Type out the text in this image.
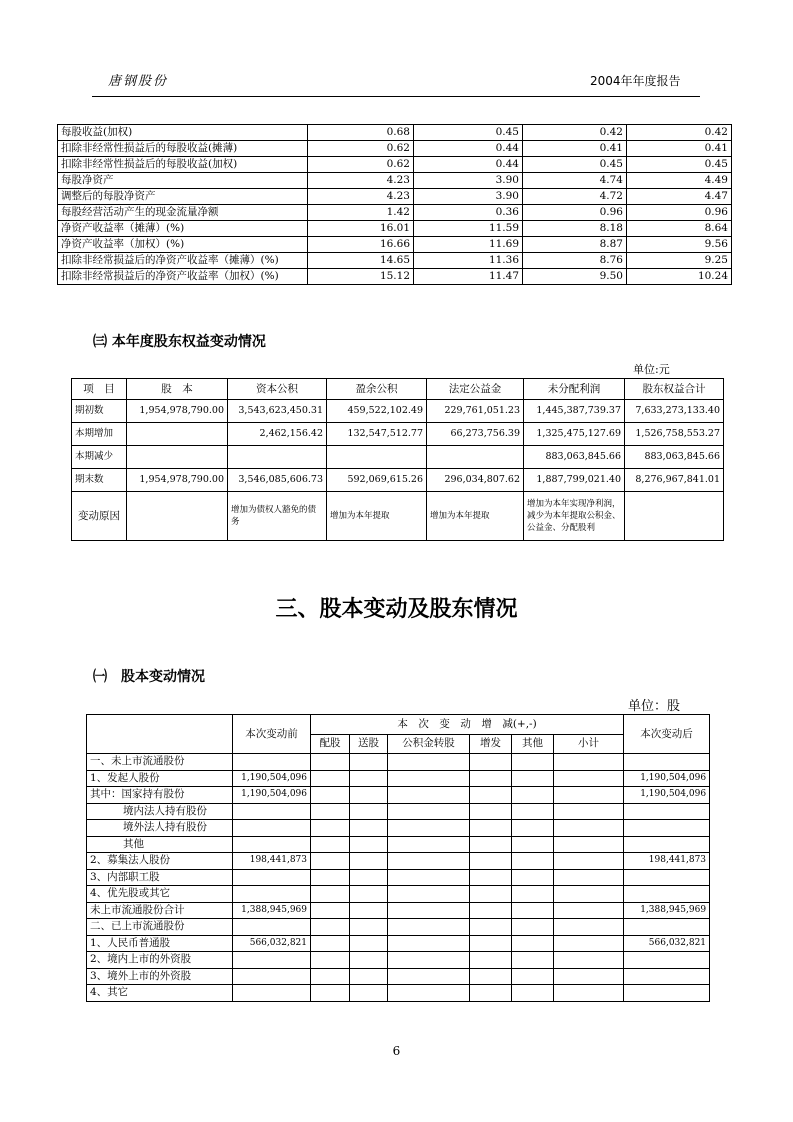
唐钢股份	2004年年度报告
每股收益(加权)	0.68	0.45	0.42	0.42
扣除非经常性损益后的每股收益(摊薄)	0.62	0.44	0.41	0.41
扣除非经常性损益后的每股收益(加权)	0.62	0.44	0.45	0.45
每股净资产	4.23	3.90	4.74	4.49
调整后的每股净资产	4.23	3.90	4.72	4.47
每股经营活动产生的现金流量净额	1.42	0.36	0.96	0.96
净资产收益率（摊薄）(%)	16.01	11.59	8.18	8.64
净资产收益率（加权）(%)	16.66	11.69	8.87	9.56
扣除非经常损益后的净资产收益率（摊薄）(%)	14.65	11.36	8.76	9.25
扣除非经常损益后的净资产收益率（加权）(%)	15.12	11.47	9.50	10.24
㈢ 本年度股东权益变动情况
单位:元
项　目	股　本	资本公积	盈余公积	法定公益金	未分配利润	股东权益合计
期初数	1,954,978,790.00	3,543,623,450.31	459,522,102.49	229,761,051.23	1,445,387,739.37	7,633,273,133.40
本期增加		2,462,156.42	132,547,512.77	66,273,756.39	1,325,475,127.69	1,526,758,553.27
本期减少					883,063,845.66	883,063,845.66
期末数	1,954,978,790.00	3,546,085,606.73	592,069,615.26	296,034,807.62	1,887,799,021.40	8,276,967,841.01
变动原因		增加为债权人豁免的债务	增加为本年提取	增加为本年提取	增加为本年实现净利润，减少为本年提取公积金、公益金、分配股利	
三、股本变动及股东情况
㈠　股本变动情况
单位：股
	本次变动前	本　次　变　动　增　减(+,-)						本次变动后
		配股	送股	公积金转股	增发	其他	小计	
一、未上市流通股份								
1、发起人股份	1,190,504,096							1,190,504,096
其中：国家持有股份	1,190,504,096							1,190,504,096
境内法人持有股份								
境外法人持有股份								
其他								
2、募集法人股份	198,441,873							198,441,873
3、内部职工股								
4、优先股或其它								
未上市流通股份合计	1,388,945,969							1,388,945,969
二、已上市流通股份								
1、人民币普通股	566,032,821							566,032,821
2、境内上市的外资股								
3、境外上市的外资股								
4、其它								
6
